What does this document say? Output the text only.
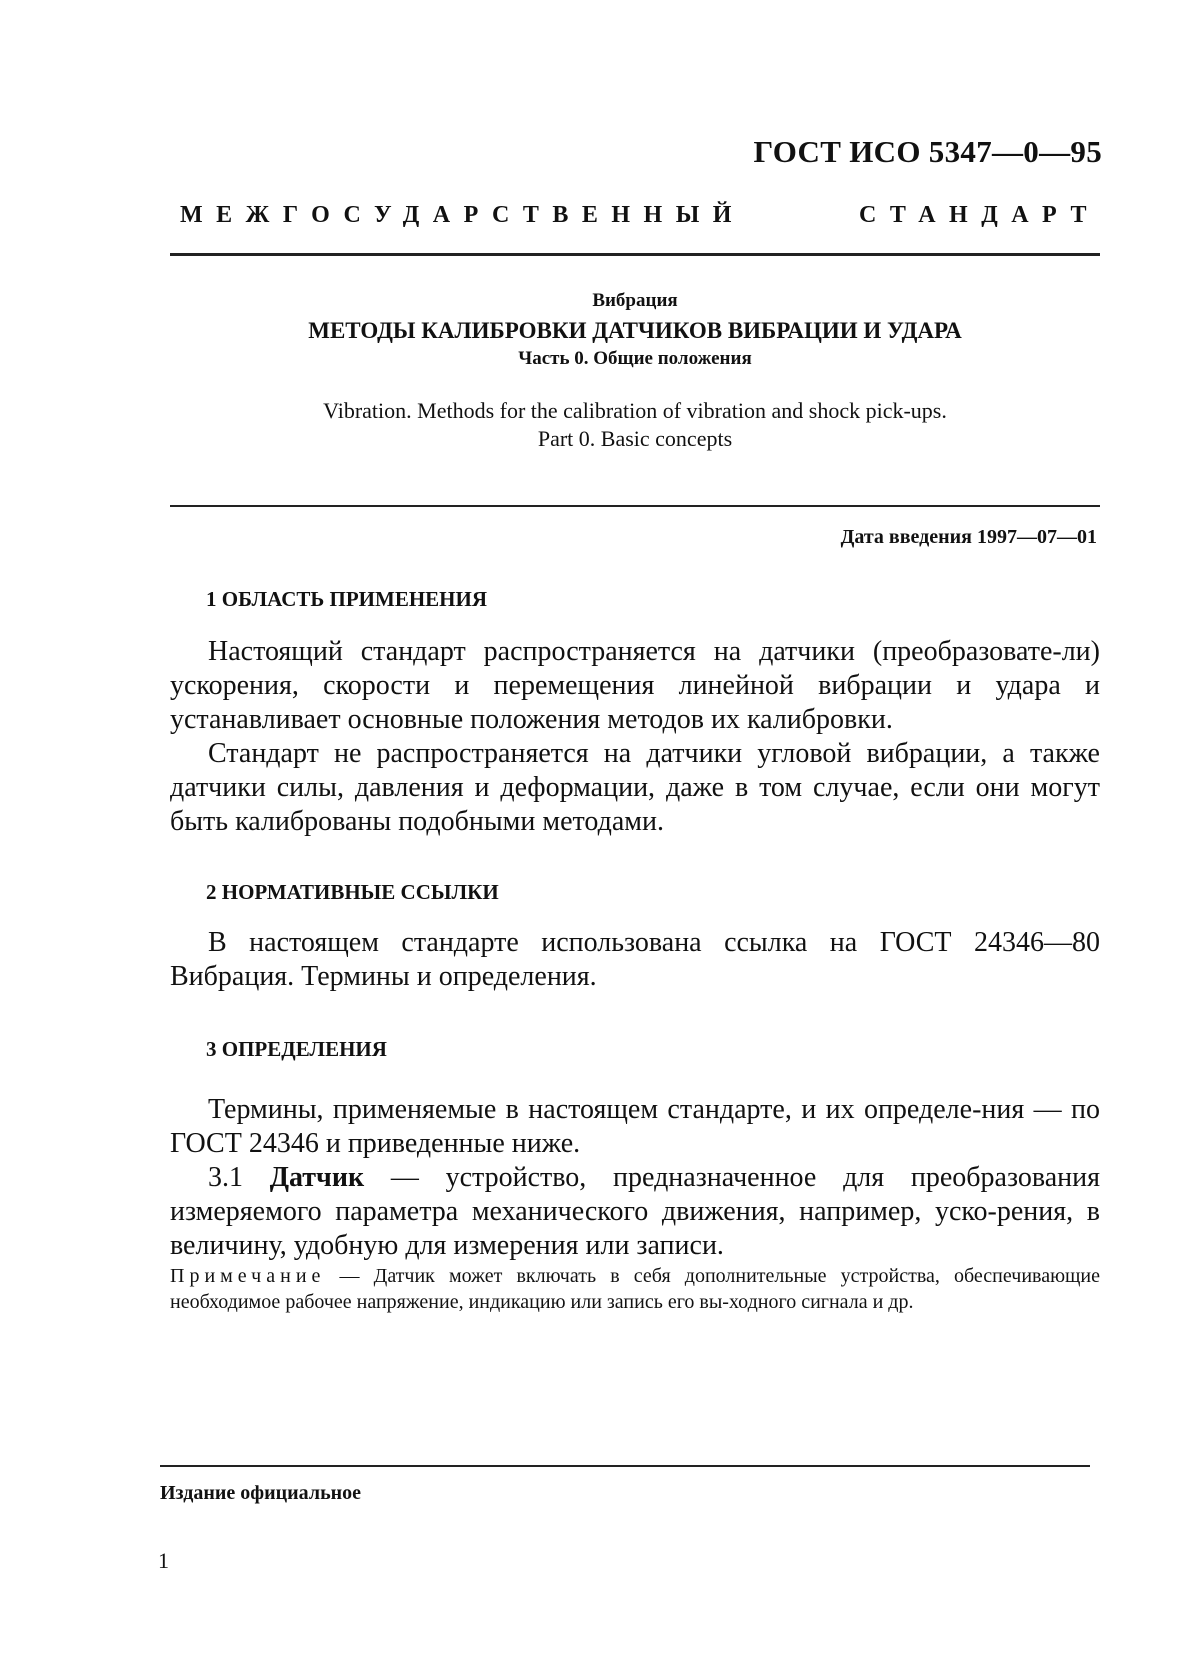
ГОСТ ИСО 5347—0—95
МЕЖГОСУДАРСТВЕННЫЙ	СТАНДАРТ
Вибрация
МЕТОДЫ КАЛИБРОВКИ ДАТЧИКОВ ВИБРАЦИИ И УДАРА
Часть 0. Общие положения
Vibration. Methods for the calibration of vibration and shock pick-ups.
Part 0. Basic concepts
Дата введения 1997—07—01
1 ОБЛАСТЬ ПРИМЕНЕНИЯ
Настоящий стандарт распространяется на датчики (преобразовате-ли) ускорения, скорости и перемещения линейной вибрации и удара и устанавливает основные положения методов их калибровки.
Стандарт не распространяется на датчики угловой вибрации, а также датчики силы, давления и деформации, даже в том случае, если они могут быть калиброваны подобными методами.
2 НОРМАТИВНЫЕ ССЫЛКИ
В настоящем стандарте использована ссылка на ГОСТ 24346—80 Вибрация. Термины и определения.
3 ОПРЕДЕЛЕНИЯ
Термины, применяемые в настоящем стандарте, и их определе-ния — по ГОСТ 24346 и приведенные ниже.
3.1 Датчик — устройство, предназначенное для преобразования измеряемого параметра механического движения, например, уско-рения, в величину, удобную для измерения или записи.
Примечание — Датчик может включать в себя дополнительные устройства, обеспечивающие необходимое рабочее напряжение, индикацию или запись его вы-ходного сигнала и др.
Издание официальное
1
